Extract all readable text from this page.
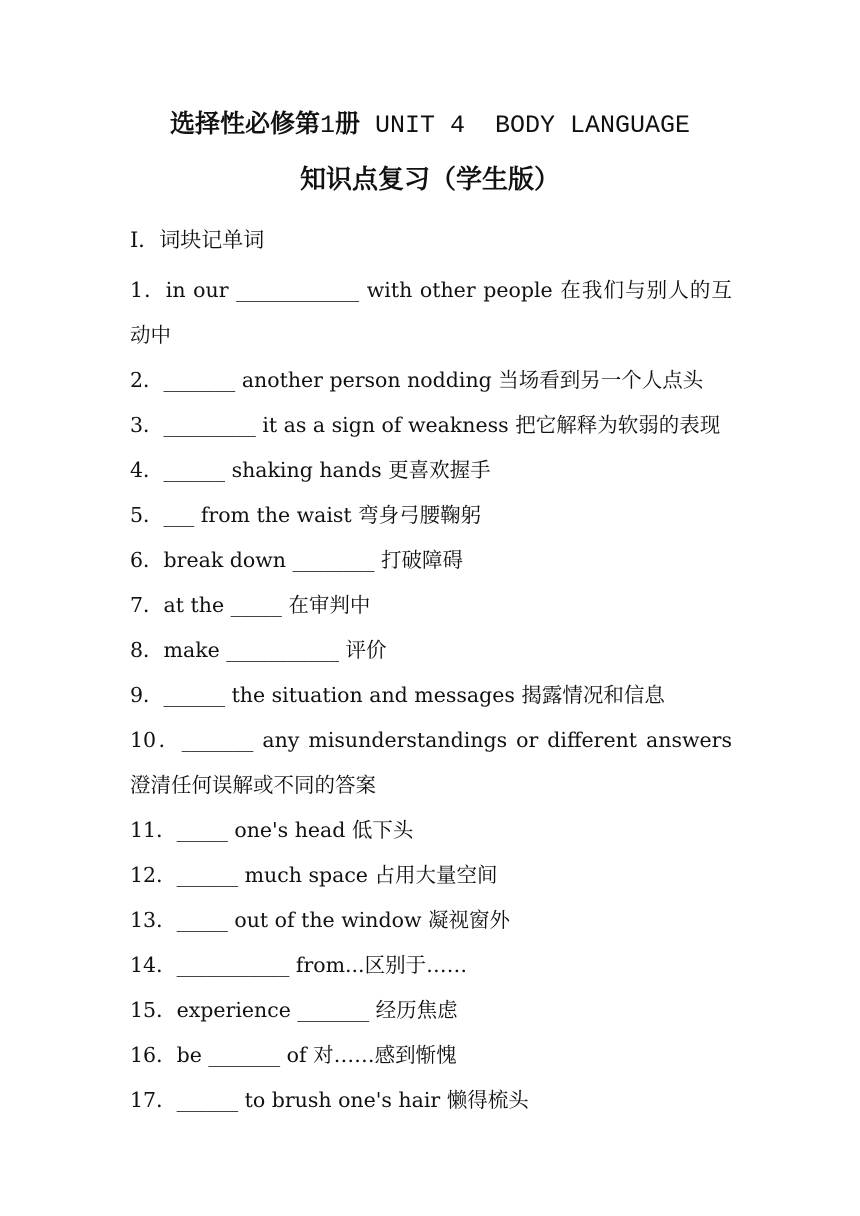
选择性必修第1册 UNIT 4  BODY LANGUAGE
知识点复习（学生版）
Ⅰ．词块记单词
1．in our ____________ with other people 在我们与别人的互动中
2．_______ another person nodding 当场看到另一个人点头
3．_________ it as a sign of weakness 把它解释为软弱的表现
4．______ shaking hands 更喜欢握手
5．___ from the waist 弯身弓腰鞠躬
6．break down ________ 打破障碍
7．at the _____ 在审判中
8．make ___________ 评价
9．______ the situation and messages 揭露情况和信息
10．_______ any misunderstandings or different answers 澄清任何误解或不同的答案
11．_____ one's head 低下头
12．______ much space 占用大量空间
13．_____ out of the window 凝视窗外
14．___________ from...区别于……
15．experience _______ 经历焦虑
16．be _______ of 对……感到惭愧
17．______ to brush one's hair 懒得梳头
